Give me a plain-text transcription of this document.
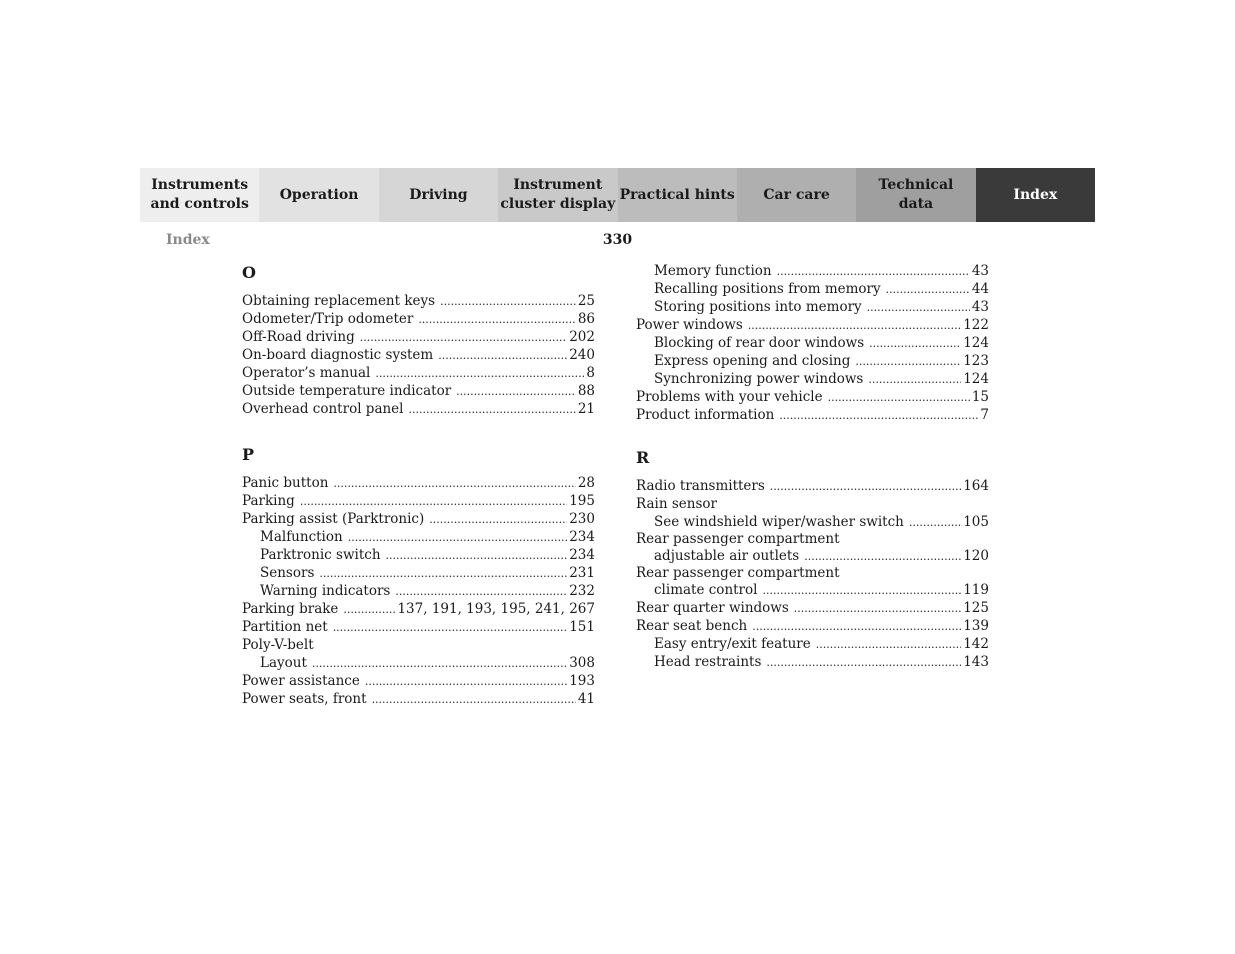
Instruments
and controls
Operation	Driving
Instrument
cluster display
Practical hints	Car care
Technical
data
Index
Index	330
O
Obtaining replacement keys .....	25
Odometer/Trip odometer .....	86
Off-Road driving .....	202
On-board diagnostic system .....	240
Operator’s manual .....	8
Outside temperature indicator .....	88
Overhead control panel .....	21
P
Panic button .....	28
Parking .....	195
Parking assist (Parktronic) .....	230
Malfunction .....	234
Parktronic switch .....	234
Sensors .....	231
Warning indicators .....	232
Parking brake .....	137, 191, 193, 195, 241, 267
Partition net .....	151
Poly-V-belt
Layout .....	308
Power assistance .....	193
Power seats, front .....	41
Memory function .....	43
Recalling positions from memory .....	44
Storing positions into memory .....	43
Power windows .....	122
Blocking of rear door windows .....	124
Express opening and closing .....	123
Synchronizing power windows .....	124
Problems with your vehicle .....	15
Product information .....	7
R
Radio transmitters .....	164
Rain sensor
See windshield wiper/washer switch .....	105
Rear passenger compartment
adjustable air outlets .....	120
Rear passenger compartment
climate control .....	119
Rear quarter windows .....	125
Rear seat bench .....	139
Easy entry/exit feature .....	142
Head restraints .....	143
